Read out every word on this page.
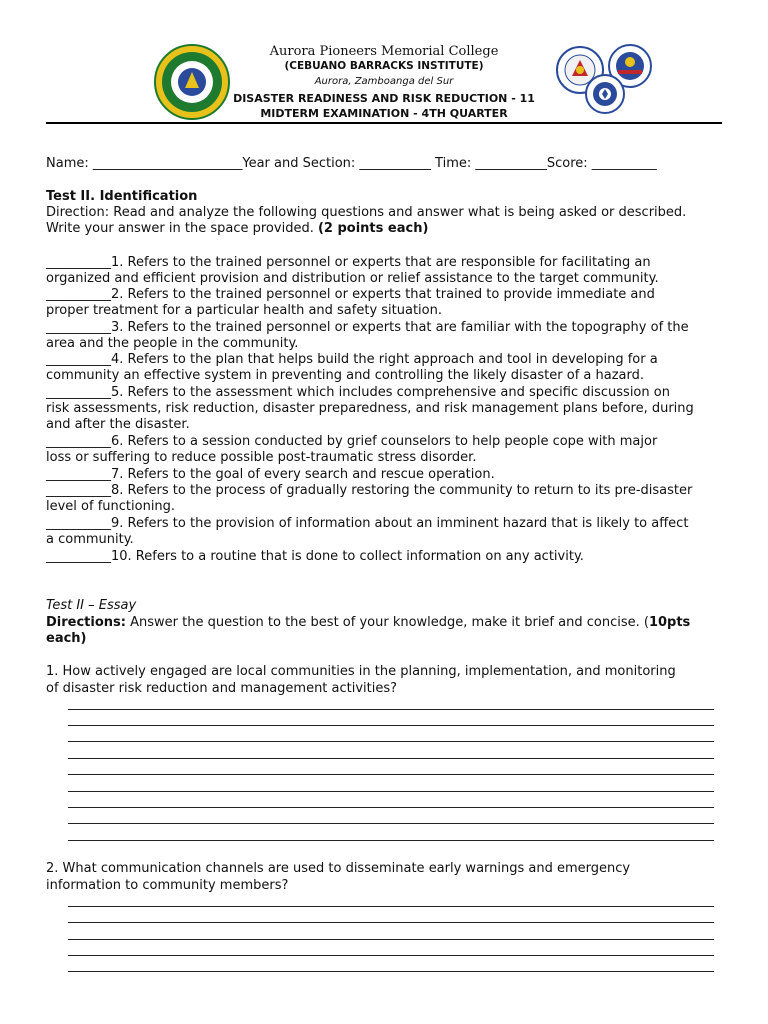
Aurora Pioneers Memorial College
(CEBUANO BARRACKS INSTITUTE)
Aurora, Zamboanga del Sur
DISASTER READINESS AND RISK REDUCTION - 11
MIDTERM EXAMINATION - 4TH QUARTER
Name: _______________________Year and Section: ___________ Time: ___________Score: __________
Test II. Identification
Direction: Read and analyze the following questions and answer what is being asked or described.
Write your answer in the space provided. (2 points each)
__________1. Refers to the trained personnel or experts that are responsible for facilitating an
organized and efficient provision and distribution or relief assistance to the target community.
__________2. Refers to the trained personnel or experts that trained to provide immediate and
proper treatment for a particular health and safety situation.
__________3. Refers to the trained personnel or experts that are familiar with the topography of the
area and the people in the community.
__________4. Refers to the plan that helps build the right approach and tool in developing for a
community an effective system in preventing and controlling the likely disaster of a hazard.
__________5. Refers to the assessment which includes comprehensive and specific discussion on
risk assessments, risk reduction, disaster preparedness, and risk management plans before, during
and after the disaster.
__________6. Refers to a session conducted by grief counselors to help people cope with major
loss or suffering to reduce possible post-traumatic stress disorder.
__________7. Refers to the goal of every search and rescue operation.
__________8. Refers to the process of gradually restoring the community to return to its pre-disaster
level of functioning.
__________9. Refers to the provision of information about an imminent hazard that is likely to affect
a community.
__________10. Refers to a routine that is done to collect information on any activity.
Test II – Essay
Directions: Answer the question to the best of your knowledge, make it brief and concise. (10pts
each)
1. How actively engaged are local communities in the planning, implementation, and monitoring
of disaster risk reduction and management activities?
2. What communication channels are used to disseminate early warnings and emergency
information to community members?
